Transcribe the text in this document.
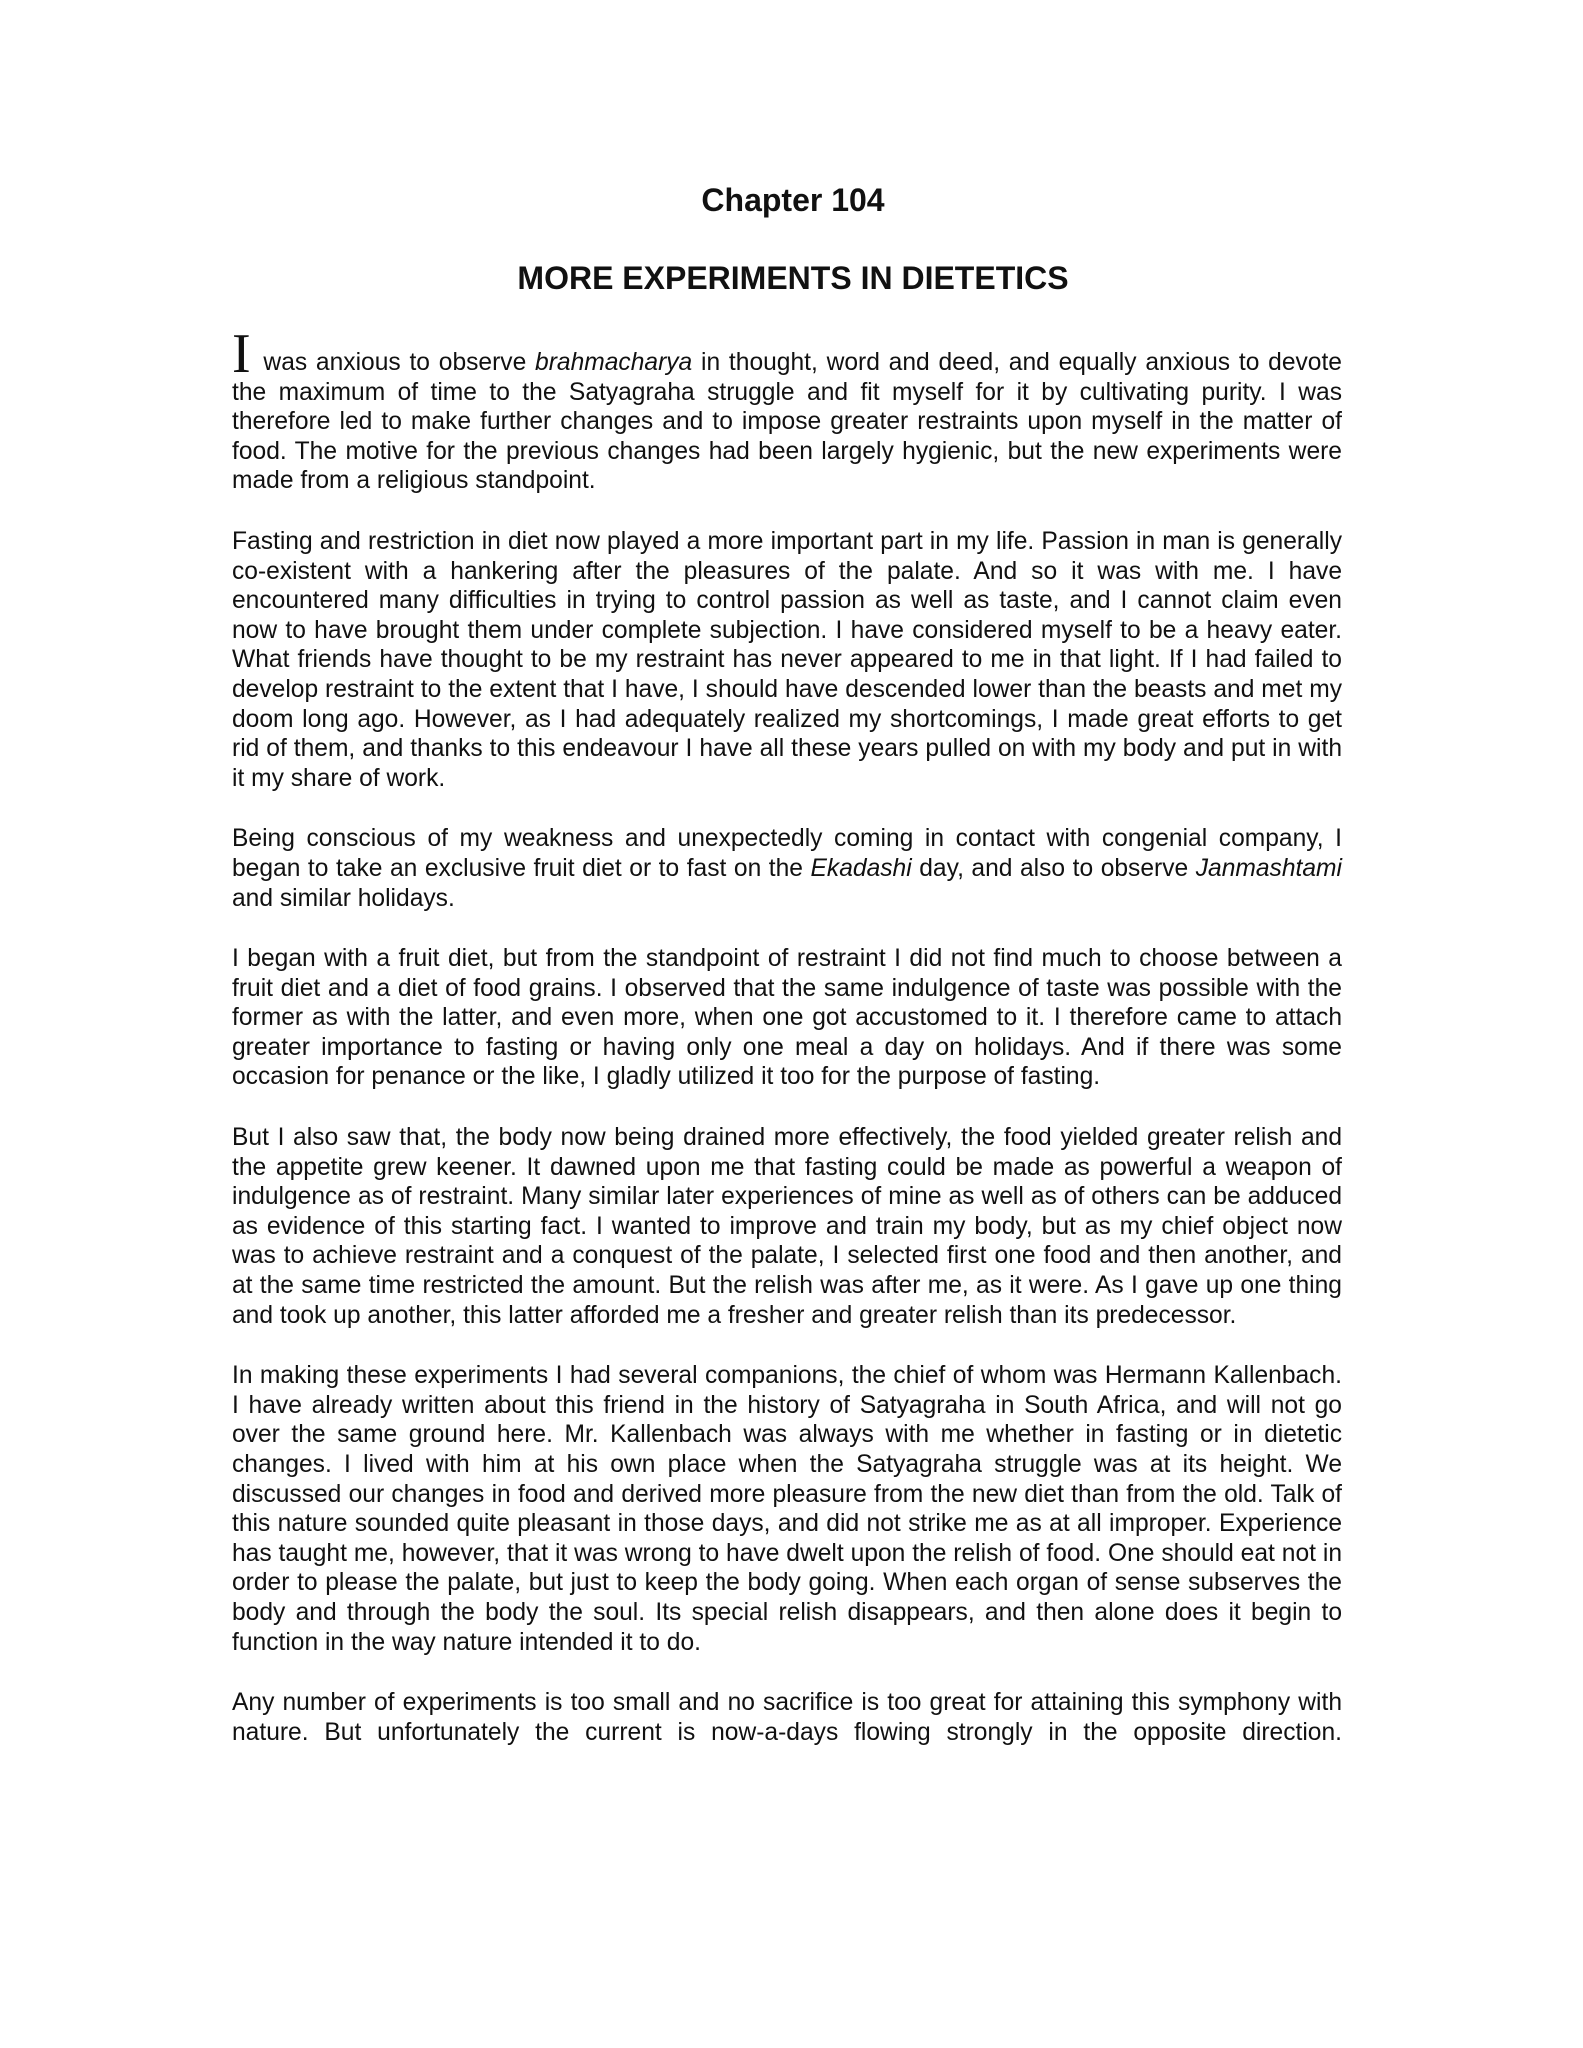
Chapter 104
MORE EXPERIMENTS IN DIETETICS

I was anxious to observe brahmacharya in thought, word and deed, and equally anxious to devote the maximum of time to the Satyagraha struggle and fit myself for it by cultivating purity. I was therefore led to make further changes and to impose greater restraints upon myself in the matter of food. The motive for the previous changes had been largely hygienic, but the new experiments were made from a religious standpoint.

Fasting and restriction in diet now played a more important part in my life. Passion in man is generally co-existent with a hankering after the pleasures of the palate. And so it was with me. I have encountered many difficulties in trying to control passion as well as taste, and I cannot claim even now to have brought them under complete subjection. I have considered myself to be a heavy eater. What friends have thought to be my restraint has never appeared to me in that light. If I had failed to develop restraint to the extent that I have, I should have descended lower than the beasts and met my doom long ago. However, as I had adequately realized my shortcomings, I made great efforts to get rid of them, and thanks to this endeavour I have all these years pulled on with my body and put in with it my share of work.

Being conscious of my weakness and unexpectedly coming in contact with congenial company, I began to take an exclusive fruit diet or to fast on the Ekadashi day, and also to observe Janmashtami and similar holidays.

I began with a fruit diet, but from the standpoint of restraint I did not find much to choose between a fruit diet and a diet of food grains. I observed that the same indulgence of taste was possible with the former as with the latter, and even more, when one got accustomed to it. I therefore came to attach greater importance to fasting or having only one meal a day on holidays. And if there was some occasion for penance or the like, I gladly utilized it too for the purpose of fasting.

But I also saw that, the body now being drained more effectively, the food yielded greater relish and the appetite grew keener. It dawned upon me that fasting could be made as powerful a weapon of indulgence as of restraint. Many similar later experiences of mine as well as of others can be adduced as evidence of this starting fact. I wanted to improve and train my body, but as my chief object now was to achieve restraint and a conquest of the palate, I selected first one food and then another, and at the same time restricted the amount. But the relish was after me, as it were. As I gave up one thing and took up another, this latter afforded me a fresher and greater relish than its predecessor.

In making these experiments I had several companions, the chief of whom was Hermann Kallenbach. I have already written about this friend in the history of Satyagraha in South Africa, and will not go over the same ground here. Mr. Kallenbach was always with me whether in fasting or in dietetic changes. I lived with him at his own place when the Satyagraha struggle was at its height. We discussed our changes in food and derived more pleasure from the new diet than from the old. Talk of this nature sounded quite pleasant in those days, and did not strike me as at all improper. Experience has taught me, however, that it was wrong to have dwelt upon the relish of food. One should eat not in order to please the palate, but just to keep the body going. When each organ of sense subserves the body and through the body the soul. Its special relish disappears, and then alone does it begin to function in the way nature intended it to do.

Any number of experiments is too small and no sacrifice is too great for attaining this symphony with nature. But unfortunately the current is now-a-days flowing strongly in the opposite direction.
